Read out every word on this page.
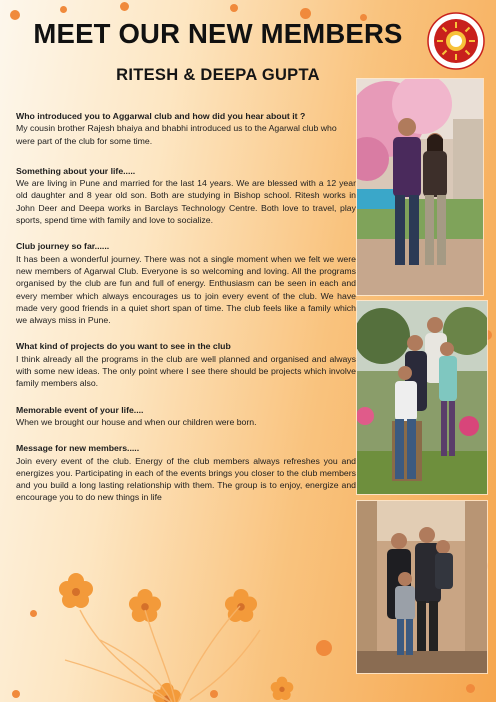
MEET OUR NEW MEMBERS
RITESH & DEEPA GUPTA

Who introduced you to Aggarwal club and how did you hear about it ?

My cousin brother Rajesh bhaiya and bhabhi introduced us to the Agarwal club who were part of the club for some time.

Something about your life.....

We are living in Pune and married for the last 14 years. We are blessed with a 12 year old daughter and 8 year old son. Both are studying in Bishop school. Ritesh works in John Deer and Deepa works in Barclays Technology Centre. Both love to travel, play sports, spend time with family and love to socialize.

Club journey so far......

It has been a wonderful journey. There was not a single moment when we felt we were new members of Agarwal Club. Everyone is so welcoming and loving. All the programs organised by the club are fun and full of energy. Enthusiasm can be seen in each and every member which always encourages us to join every event of the club. We have made very good friends in a quiet short span of time. The club feels like a family which we always miss in Pune.

What kind of projects do you want to see in the club

I think already all the programs in the club are well planned and organised and always with some new ideas. The only point where I see there should be projects which involve family members also.

Memorable event of your life....

When we brought our house and when our children were born.

Message for new members.....

Join every event of the club. Energy of the club members always refreshes you and energizes you. Participating in each of the events brings you closer to the club members and you build a long lasting relationship with them. The group is to enjoy, energize and encourage you to do new things in life
